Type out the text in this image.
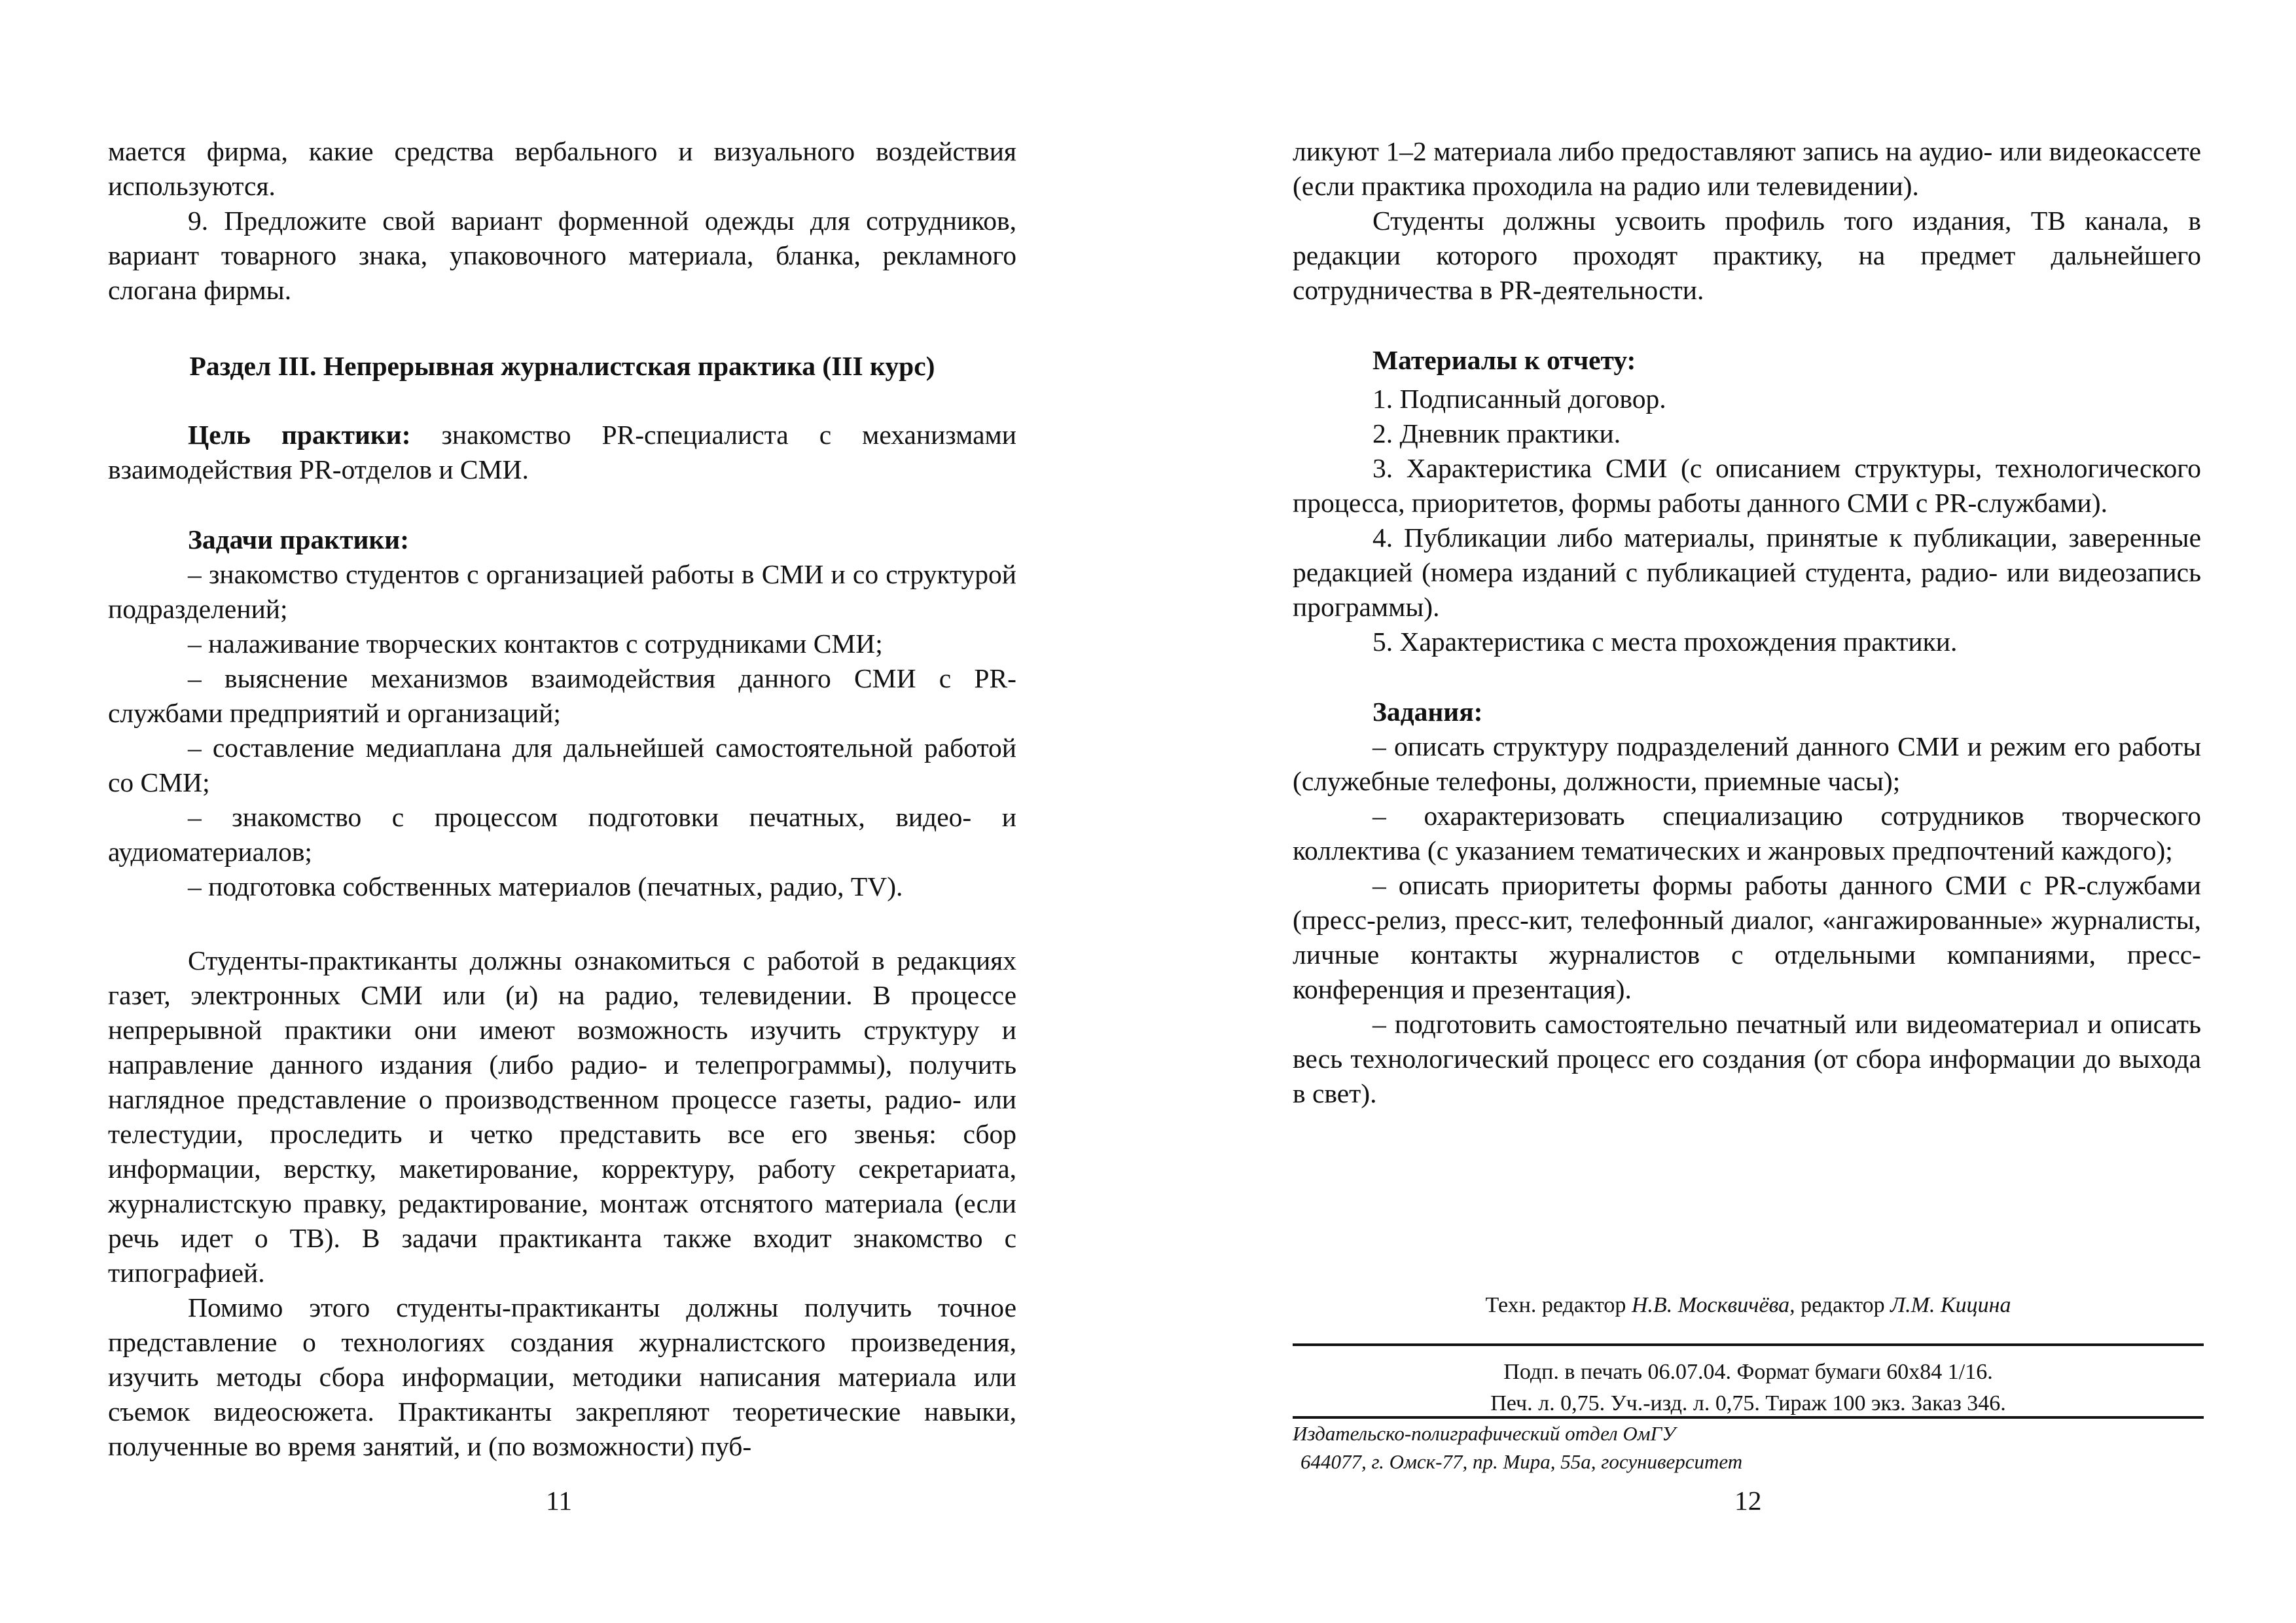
мается фирма, какие средства вербального и визуального воздействия используются.

9. Предложите свой вариант форменной одежды для сотрудников, вариант товарного знака, упаковочного материала, бланка, рекламного слогана фирмы.

Раздел III. Непрерывная журналистская практика (III курс)

Цель практики: знакомство PR-специалиста с механизмами взаимодействия PR-отделов и СМИ.

Задачи практики:

– знакомство студентов с организацией работы в СМИ и со структурой подразделений;

– налаживание творческих контактов с сотрудниками СМИ;

– выяснение механизмов взаимодействия данного СМИ с PR-службами предприятий и организаций;

– составление медиаплана для дальнейшей самостоятельной работой со СМИ;

– знакомство с процессом подготовки печатных, видео- и аудиоматериалов;

– подготовка собственных материалов (печатных, радио, TV).

Студенты-практиканты должны ознакомиться с работой в редакциях газет, электронных СМИ или (и) на радио, телевидении. В процессе непрерывной практики они имеют возможность изучить структуру и направление данного издания (либо радио- и телепрограммы), получить наглядное представление о производственном процессе газеты, радио- или телестудии, проследить и четко представить все его звенья: сбор информации, верстку, макетирование, корректуру, работу секретариата, журналистскую правку, редактирование, монтаж отснятого материала (если речь идет о ТВ). В задачи практиканта также входит знакомство с типографией.

Помимо этого студенты-практиканты должны получить точное представление о технологиях создания журналистского произведения, изучить методы сбора информации, методики написания материала или съемок видеосюжета. Практиканты закрепляют теоретические навыки, полученные во время занятий, и (по возможности) пуб-

11

ликуют 1–2 материала либо предоставляют запись на аудио- или видеокассете (если практика проходила на радио или телевидении).

Студенты должны усвоить профиль того издания, ТВ канала, в редакции которого проходят практику, на предмет дальнейшего сотрудничества в PR-деятельности.

Материалы к отчету:

1. Подписанный договор.

2. Дневник практики.

3. Характеристика СМИ (с описанием структуры, технологического процесса, приоритетов, формы работы данного СМИ с PR-службами).

4. Публикации либо материалы, принятые к публикации, заверенные редакцией (номера изданий с публикацией студента, радио- или видеозапись программы).

5. Характеристика с места прохождения практики.

Задания:

– описать структуру подразделений данного СМИ и режим его работы (служебные телефоны, должности, приемные часы);

– охарактеризовать специализацию сотрудников творческого коллектива (с указанием тематических и жанровых предпочтений каждого);

– описать приоритеты формы работы данного СМИ с PR-службами (пресс-релиз, пресс-кит, телефонный диалог, «ангажированные» журналисты, личные контакты журналистов с отдельными компаниями, пресс-конференция и презентация).

– подготовить самостоятельно печатный или видеоматериал и описать весь технологический процесс его создания (от сбора информации до выхода в свет).

Техн. редактор Н.В. Москвичёва, редактор Л.М. Кицина
Подп. в печать 06.07.04. Формат бумаги 60x84 1/16.
Печ. л. 0,75. Уч.-изд. л. 0,75. Тираж 100 экз. Заказ 346.
Издательско-полиграфический отдел ОмГУ
644077, г. Омск-77, пр. Мира, 55а, госуниверситет
12
